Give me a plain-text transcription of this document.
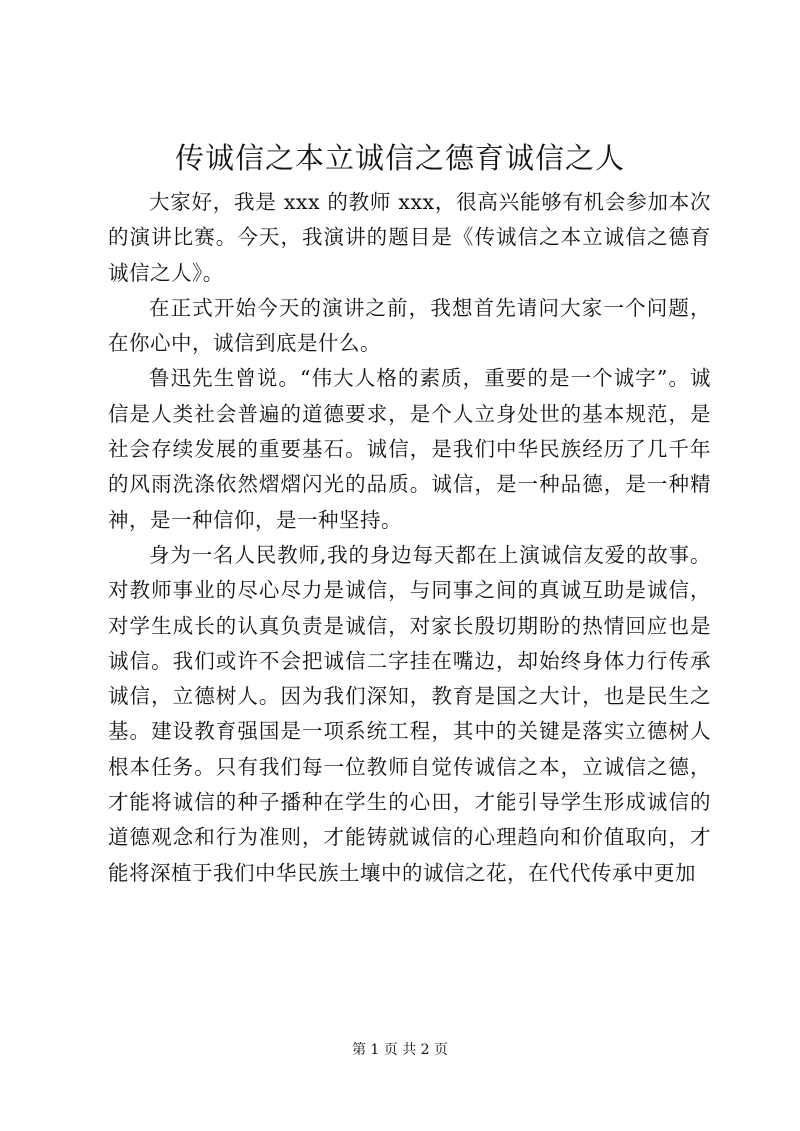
传诚信之本立诚信之德育诚信之人

大家好，我是 xxx 的教师 xxx，很高兴能够有机会参加本次的演讲比赛。今天，我演讲的题目是《传诚信之本立诚信之德育诚信之人》。

在正式开始今天的演讲之前，我想首先请问大家一个问题，在你心中，诚信到底是什么。

鲁迅先生曾说。“伟大人格的素质，重要的是一个诚字”。诚信是人类社会普遍的道德要求，是个人立身处世的基本规范，是社会存续发展的重要基石。诚信，是我们中华民族经历了几千年的风雨洗涤依然熠熠闪光的品质。诚信，是一种品德，是一种精神，是一种信仰，是一种坚持。

身为一名人民教师,我的身边每天都在上演诚信友爱的故事。对教师事业的尽心尽力是诚信，与同事之间的真诚互助是诚信，对学生成长的认真负责是诚信，对家长殷切期盼的热情回应也是诚信。我们或许不会把诚信二字挂在嘴边，却始终身体力行传承诚信，立德树人。因为我们深知，教育是国之大计，也是民生之基。建设教育强国是一项系统工程，其中的关键是落实立德树人根本任务。只有我们每一位教师自觉传诚信之本，立诚信之德，才能将诚信的种子播种在学生的心田，才能引导学生形成诚信的道德观念和行为准则，才能铸就诚信的心理趋向和价值取向，才能将深植于我们中华民族土壤中的诚信之花，在代代传承中更加

第 1 页 共 2 页
